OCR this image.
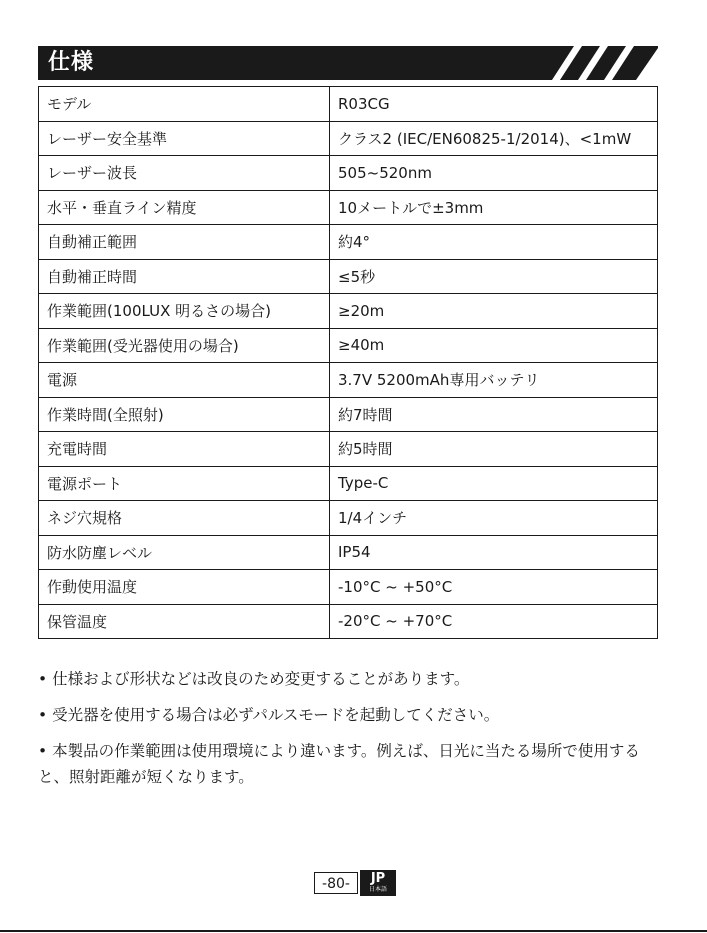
仕様
モデル	R03CG
レーザー安全基準	クラス2 (IEC/EN60825-1/2014)、<1mW
レーザー波長	505~520nm
水平・垂直ライン精度	10メートルで±3mm
自動補正範囲	約4°
自動補正時間	≤5秒
作業範囲(100LUX 明るさの場合)	≥20m
作業範囲(受光器使用の場合)	≥40m
電源	3.7V 5200mAh専用バッテリ
作業時間(全照射)	約7時間
充電時間	約5時間
電源ポート	Type-C
ネジ穴規格	1/4インチ
防水防塵レベル	IP54
作動使用温度	-10°C ~ +50°C
保管温度	-20°C ~ +70°C
• 仕様および形状などは改良のため変更することがあります。
• 受光器を使用する場合は必ずパルスモードを起動してください。
• 本製品の作業範囲は使用環境により違います。例えば、日光に当たる場所で使用すると、照射距離が短くなります。
-80-	JP
日本語
